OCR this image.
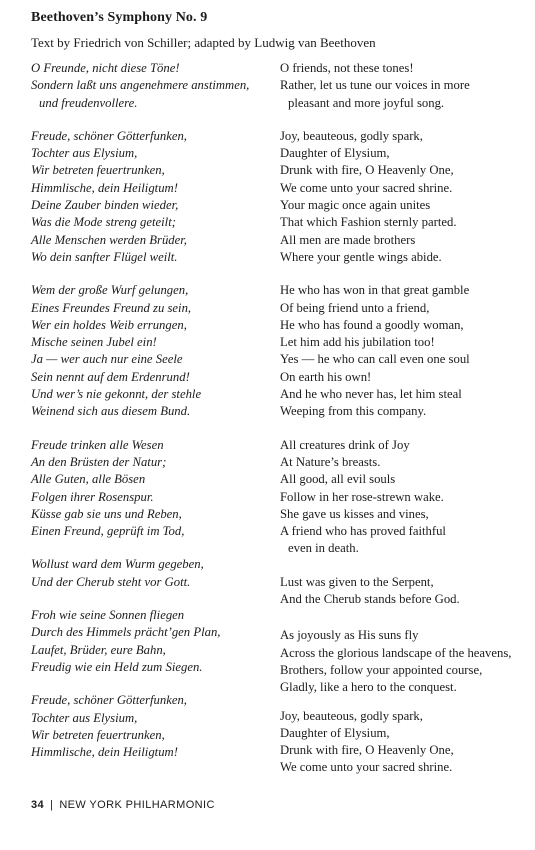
Beethoven’s Symphony No. 9
Text by Friedrich von Schiller; adapted by Ludwig van Beethoven
O Freunde, nicht diese Töne!
Sondern laßt uns angenehmere anstimmen,
und freudenvollere.
Freude, schöner Götterfunken,
Tochter aus Elysium,
Wir betreten feuertrunken,
Himmlische, dein Heiligtum!
Deine Zauber binden wieder,
Was die Mode streng geteilt;
Alle Menschen werden Brüder,
Wo dein sanfter Flügel weilt.
Wem der große Wurf gelungen,
Eines Freundes Freund zu sein,
Wer ein holdes Weib errungen,
Mische seinen Jubel ein!
Ja — wer auch nur eine Seele
Sein nennt auf dem Erdenrund!
Und wer’s nie gekonnt, der stehle
Weinend sich aus diesem Bund.
Freude trinken alle Wesen
An den Brüsten der Natur;
Alle Guten, alle Bösen
Folgen ihrer Rosenspur.
Küsse gab sie uns und Reben,
Einen Freund, geprüft im Tod,
Wollust ward dem Wurm gegeben,
Und der Cherub steht vor Gott.
Froh wie seine Sonnen fliegen
Durch des Himmels prächt’gen Plan,
Laufet, Brüder, eure Bahn,
Freudig wie ein Held zum Siegen.
Freude, schöner Götterfunken,
Tochter aus Elysium,
Wir betreten feuertrunken,
Himmlische, dein Heiligtum!
O friends, not these tones!
Rather, let us tune our voices in more
pleasant and more joyful song.
Joy, beauteous, godly spark,
Daughter of Elysium,
Drunk with fire, O Heavenly One,
We come unto your sacred shrine.
Your magic once again unites
That which Fashion sternly parted.
All men are made brothers
Where your gentle wings abide.
He who has won in that great gamble
Of being friend unto a friend,
He who has found a goodly woman,
Let him add his jubilation too!
Yes — he who can call even one soul
On earth his own!
And he who never has, let him steal
Weeping from this company.
All creatures drink of Joy
At Nature’s breasts.
All good, all evil souls
Follow in her rose-strewn wake.
She gave us kisses and vines,
A friend who has proved faithful
even in death.
Lust was given to the Serpent,
And the Cherub stands before God.
As joyously as His suns fly
Across the glorious landscape of the heavens,
Brothers, follow your appointed course,
Gladly, like a hero to the conquest.
Joy, beauteous, godly spark,
Daughter of Elysium,
Drunk with fire, O Heavenly One,
We come unto your sacred shrine.
34 | NEW YORK PHILHARMONIC
